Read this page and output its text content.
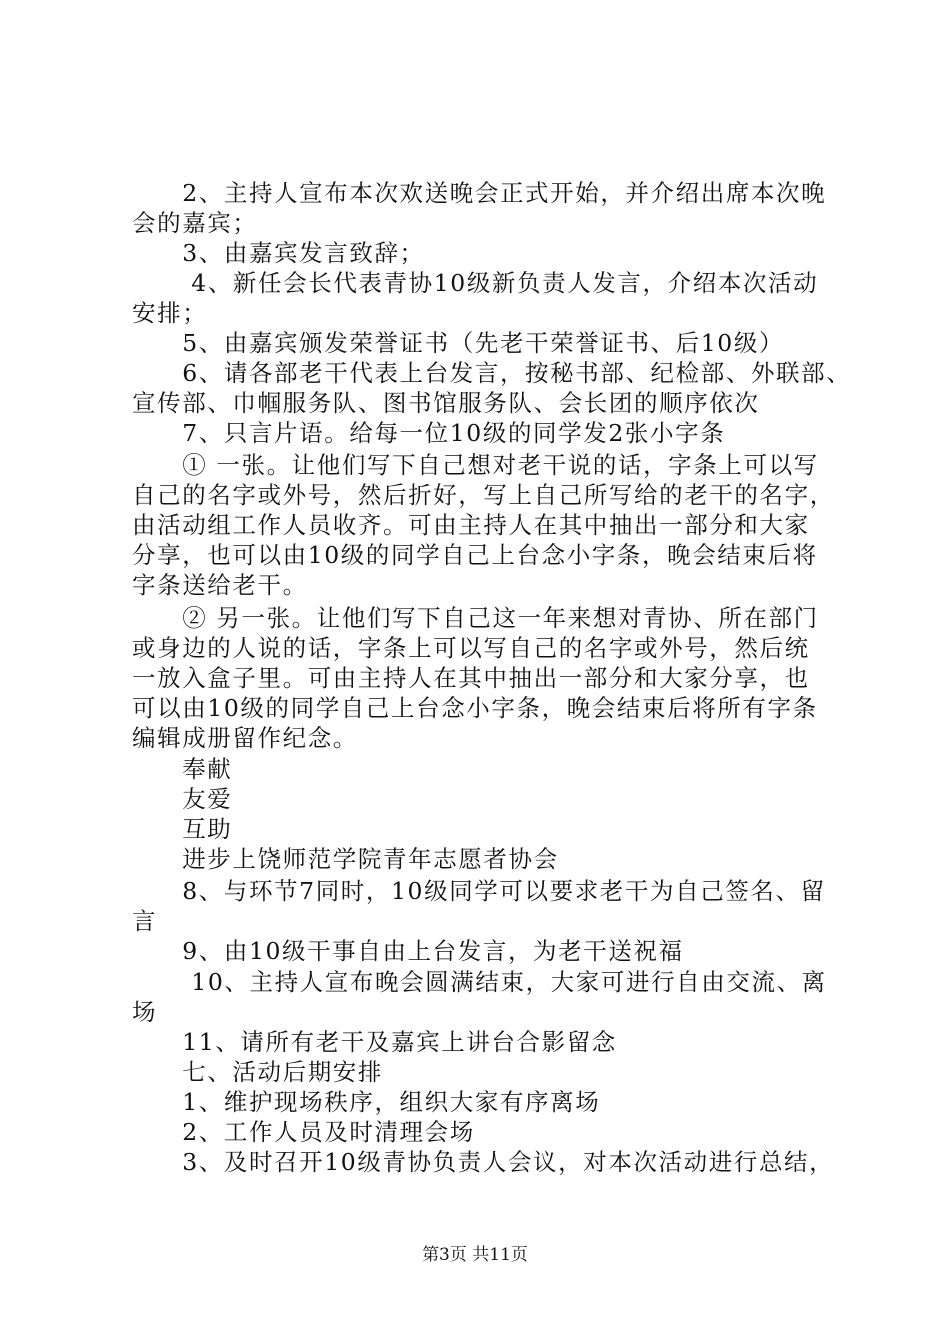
　　2、主持人宣布本次欢送晚会正式开始，并介绍出席本次晚
会的嘉宾；
　　3、由嘉宾发言致辞；
　　 4、新任会长代表青协10级新负责人发言，介绍本次活动
安排；
　　5、由嘉宾颁发荣誉证书（先老干荣誉证书、后10级）
　　6、请各部老干代表上台发言，按秘书部、纪检部、外联部、
宣传部、巾帼服务队、图书馆服务队、会长团的顺序依次
　　7、只言片语。给每一位10级的同学发2张小字条
　　① 一张。让他们写下自己想对老干说的话，字条上可以写
自己的名字或外号，然后折好，写上自己所写给的老干的名字，
由活动组工作人员收齐。可由主持人在其中抽出一部分和大家
分享，也可以由10级的同学自己上台念小字条，晚会结束后将
字条送给老干。
　　② 另一张。让他们写下自己这一年来想对青协、所在部门
或身边的人说的话，字条上可以写自己的名字或外号，然后统
一放入盒子里。可由主持人在其中抽出一部分和大家分享，也
可以由10级的同学自己上台念小字条，晚会结束后将所有字条
编辑成册留作纪念。
　　奉献
　　友爱
　　互助
　　进步上饶师范学院青年志愿者协会
　　8、与环节7同时，10级同学可以要求老干为自己签名、留
言
　　9、由10级干事自由上台发言，为老干送祝福
　　 10、主持人宣布晚会圆满结束，大家可进行自由交流、离
场
　　11、请所有老干及嘉宾上讲台合影留念
　　七、活动后期安排
　　1、维护现场秩序，组织大家有序离场
　　2、工作人员及时清理会场
　　3、及时召开10级青协负责人会议，对本次活动进行总结，
第3页 共11页
